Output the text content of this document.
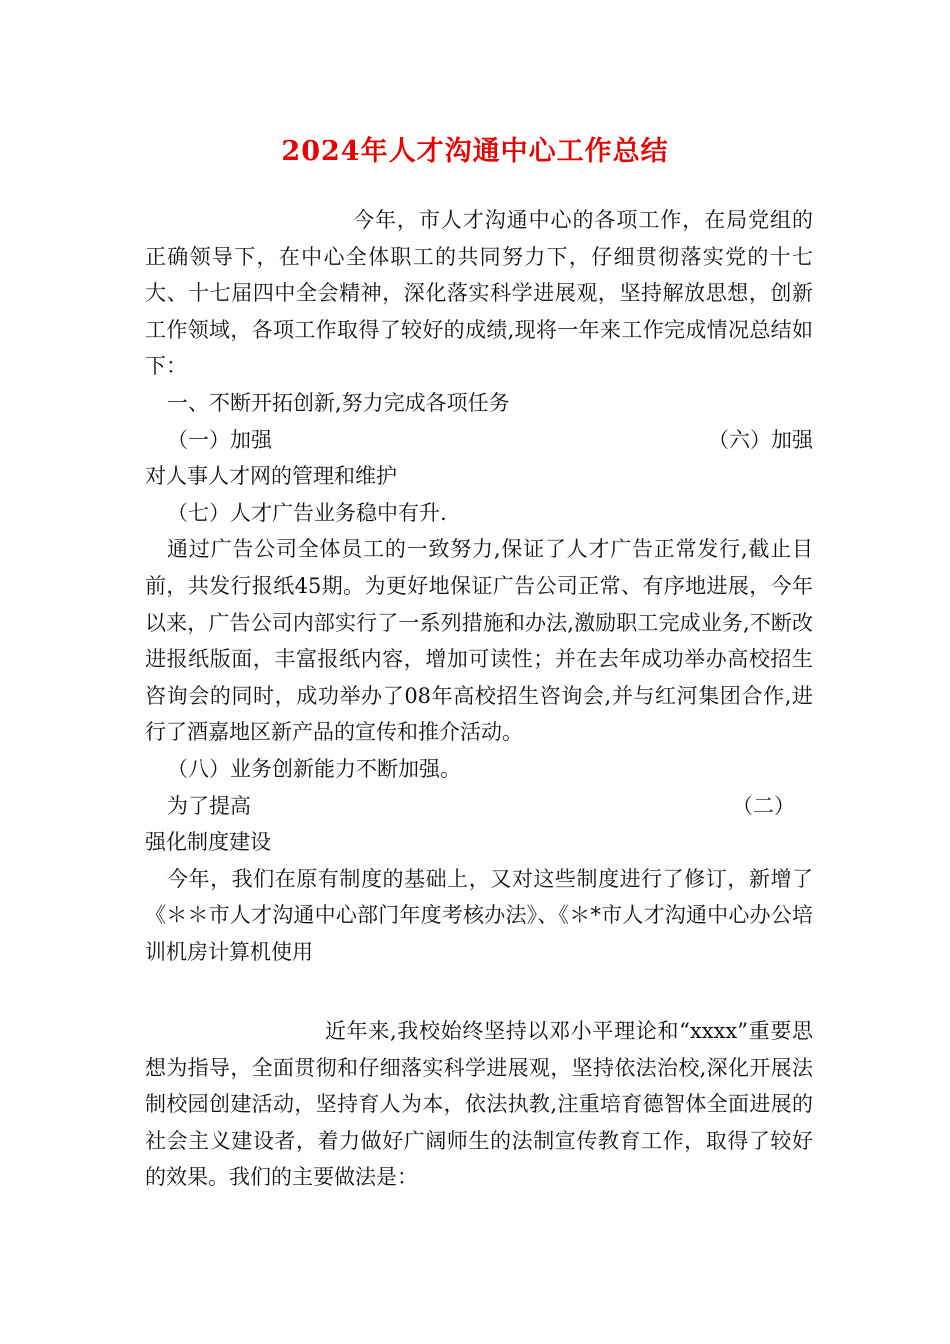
2024年人才沟通中心工作总结

今年，市人才沟通中心的各项工作，在局党组的正确领导下，在中心全体职工的共同努力下，仔细贯彻落实党的十七大、十七届四中全会精神，深化落实科学进展观，坚持解放思想，创新工作领域，各项工作取得了较好的成绩,现将一年来工作完成情况总结如下：

一、不断开拓创新,努力完成各项任务

（一）加强	（六）加强

对人事人才网的管理和维护

（七）人才广告业务稳中有升.

通过广告公司全体员工的一致努力,保证了人才广告正常发行,截止目前，共发行报纸45期。为更好地保证广告公司正常、有序地进展，今年以来，广告公司内部实行了一系列措施和办法,激励职工完成业务,不断改进报纸版面，丰富报纸内容，增加可读性；并在去年成功举办高校招生咨询会的同时，成功举办了08年高校招生咨询会,并与红河集团合作,进行了酒嘉地区新产品的宣传和推介活动。

（八）业务创新能力不断加强。

为了提高	（二）

强化制度建设

今年，我们在原有制度的基础上，又对这些制度进行了修订，新增了《＊＊市人才沟通中心部门年度考核办法》、《＊*市人才沟通中心办公培训机房计算机使用

近年来,我校始终坚持以邓小平理论和“xxxx”重要思想为指导，全面贯彻和仔细落实科学进展观，坚持依法治校,深化开展法制校园创建活动，坚持育人为本，依法执教,注重培育德智体全面进展的社会主义建设者，着力做好广阔师生的法制宣传教育工作，取得了较好的效果。我们的主要做法是：
